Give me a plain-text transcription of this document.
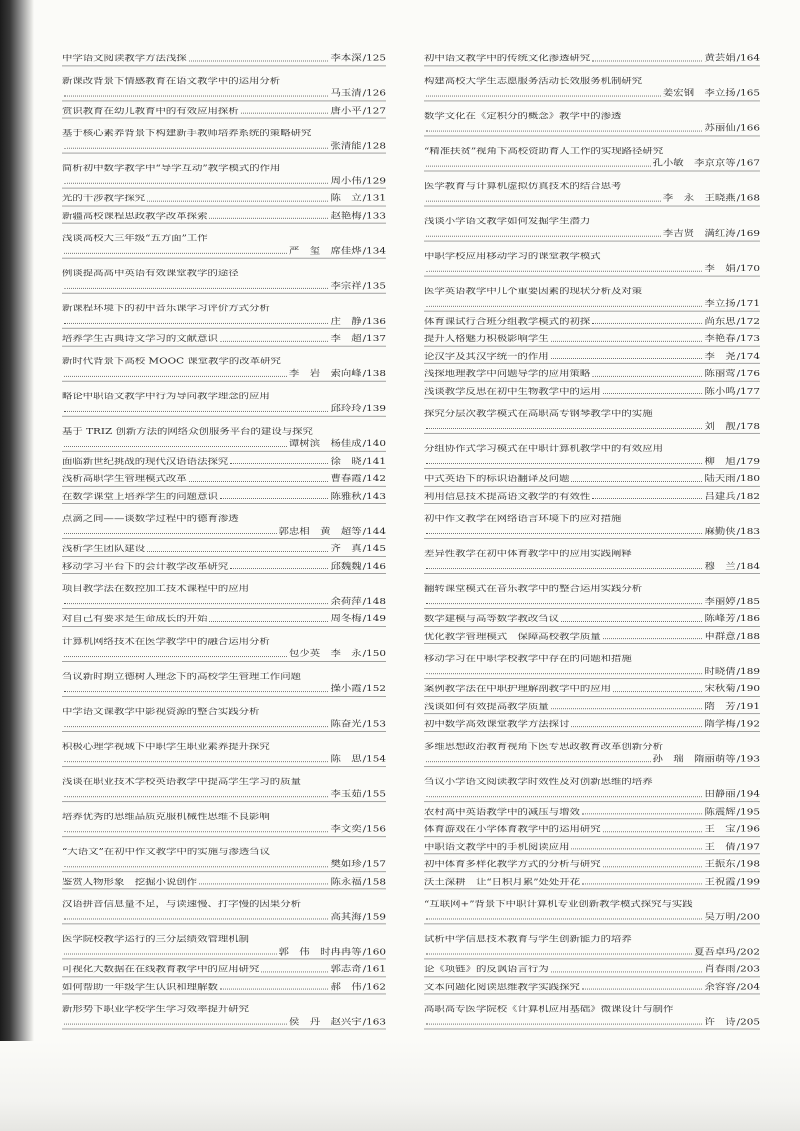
中学语文阅读教学方法浅探	李本深 /125
新课改背景下情感教育在语文教学中的运用分析
马玉清 /126
赏识教育在幼儿教育中的有效应用探析	唐小平 /127
基于核心素养背景下构建新手教师培养系统的策略研究
张清能 /128
简析初中数学教学中“导学互动”教学模式的作用
周小伟 /129
光的干涉教学探究	陈　立 /131
新疆高校课程思政教学改革探索	赵艳梅 /133
浅谈高校大三年级“五方面”工作
严　玺　席佳烨 /134
例谈提高高中英语有效课堂教学的途径
李宗祥 /135
新课程环境下的初中音乐课学习评价方式分析
庄　静 /136
培养学生古典诗文学习的文献意识	李　超 /137
新时代背景下高校 MOOC 课堂教学的改革研究
李　岩　索向峰 /138
略论中职语文教学中行为导向教学理念的应用
邱玲玲 /139
基于 TRIZ 创新方法的网络众创服务平台的建设与探究
谭树滨　杨佳成 /140
面临新世纪挑战的现代汉语语法探究	徐　晓 /141
浅析高职学生管理模式改革	曹春霞 /142
在数学课堂上培养学生的问题意识	陈雅秋 /143
点滴之间——谈数学过程中的德育渗透
郭忠相　黄　超等 /144
浅析学生团队建设	齐　真 /145
移动学习平台下的会计教学改革研究	邱魏魏 /146
项目教学法在数控加工技术课程中的应用
余荷萍 /148
对自己有要求是生命成长的开始	周冬梅 /149
计算机网络技术在医学教学中的融合运用分析
包少英　李　永 /150
刍议新时期立德树人理念下的高校学生管理工作问题
操小霞 /152
中学语文课教学中影视资源的整合实践分析
陈奋光 /153
积极心理学视域下中职学生职业素养提升探究
陈　思 /154
浅谈在职业技术学校英语教学中提高学生学习的质量
李玉茹 /155
培养优秀的思维品质克服机械性思维不良影响
李文奕 /156
“大语文”在初中作文教学中的实施与渗透刍议
樊如珍 /157
鉴赏人物形象　挖掘小说创作	陈永福 /158
汉语拼音信息量不足，与读速慢、打字慢的因果分析
高其海 /159
医学院校教学运行的三分层绩效管理机制
郭　伟　时冉冉等 /160
可视化大数据在在线教育教学中的应用研究	郭志奇 /161
如何帮助一年级学生认识和理解数	郝　伟 /162
新形势下职业学校学生学习效率提升研究
侯　丹　赵兴宇 /163
初中语文教学中的传统文化渗透研究	黄芸娟 /164
构建高校大学生志愿服务活动长效服务机制研究
姜宏钢　李立扬 /165
数学文化在《定积分的概念》教学中的渗透
苏丽仙 /166
“精准扶贫”视角下高校资助育人工作的实现路径研究
孔小敏　李京京等 /167
医学教育与计算机虚拟仿真技术的结合思考
李　永　王晓燕 /168
浅谈小学语文教学如何发掘学生潜力
李吉贤　满红涛 /169
中职学校应用移动学习的课堂教学模式
李　娟 /170
医学英语教学中几个重要因素的现状分析及对策
李立扬 /171
体育课试行合班分组教学模式的初探	尚东思 /172
提升人格魅力积极影响学生	李艳春 /173
论汉字及其汉字统一的作用	李　尧 /174
浅探地理教学中问题导学的应用策略	陈丽莺 /176
浅谈教学反思在初中生物教学中的运用	陈小鸣 /177
探究分层次教学模式在高职高专钢琴教学中的实施
刘　靓 /178
分组协作式学习模式在中职计算机教学中的有效应用
柳　旭 /179
中式英语下的标识语翻译及问题	陆天雨 /180
利用信息技术提高语文教学的有效性	吕建兵 /182
初中作文教学在网络语言环境下的应对措施
麻勤侠 /183
差异性教学在初中体育教学中的应用实践阐释
穆　兰 /184
翻转课堂模式在音乐教学中的整合运用实践分析
李丽婷 /185
数学建模与高等数学教改刍议	陈峰芳 /186
优化教学管理模式　保障高校教学质量	申群意 /188
移动学习在中职学校教学中存在的问题和措施
时晓倩 /189
案例教学法在中职护理解剖教学中的应用	宋秋菊 /190
浅谈如何有效提高教学质量	隋　芳 /191
初中数学高效课堂教学方法探讨	隋学梅 /192
多维思想政治教育视角下医专思政教育改革创新分析
孙　瑞　隋丽萌等 /193
刍议小学语文阅读教学时效性及对创新思维的培养
田静丽 /194
农村高中英语教学中的减压与增效	陈震辉 /195
体育游戏在小学体育教学中的运用研究	王　宝 /196
中职语文教学中的手机阅读应用	王　倩 /197
初中体育多样化教学方式的分析与研究	王振东 /198
沃土深耕　让“日积月累”处处开花	王祝霞 /199
“互联网+”背景下中职计算机专业创新教学模式探究与实践
吴万明 /200
试析中学信息技术教育与学生创新能力的培养
夏吾卓玛 /202
论《项链》的反讽语言行为	肖春雨 /203
文本问题化阅读思维教学实践探究	余容容 /204
高职高专医学院校《计算机应用基础》微课设计与制作
许　诗 /205
